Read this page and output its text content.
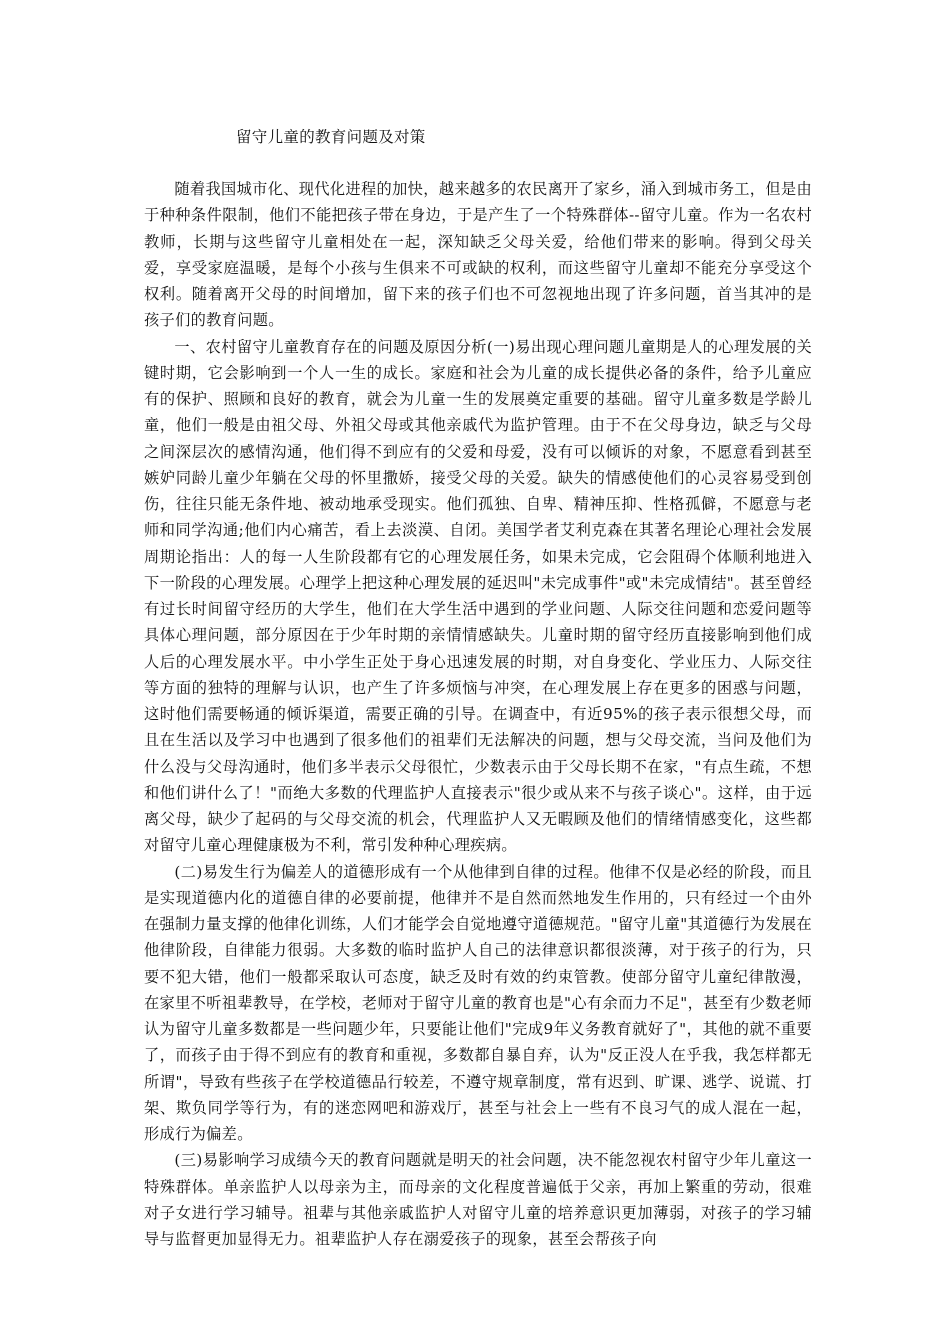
留守儿童的教育问题及对策

随着我国城市化、现代化进程的加快，越来越多的农民离开了家乡，涌入到城市务工，但是由于种种条件限制，他们不能把孩子带在身边，于是产生了一个特殊群体--留守儿童。作为一名农村教师，长期与这些留守儿童相处在一起，深知缺乏父母关爱，给他们带来的影响。得到父母关爱，享受家庭温暖，是每个小孩与生俱来不可或缺的权利，而这些留守儿童却不能充分享受这个权利。随着离开父母的时间增加，留下来的孩子们也不可忽视地出现了许多问题，首当其冲的是孩子们的教育问题。

一、农村留守儿童教育存在的问题及原因分析(一)易出现心理问题儿童期是人的心理发展的关键时期，它会影响到一个人一生的成长。家庭和社会为儿童的成长提供必备的条件，给予儿童应有的保护、照顾和良好的教育，就会为儿童一生的发展奠定重要的基础。留守儿童多数是学龄儿童，他们一般是由祖父母、外祖父母或其他亲戚代为监护管理。由于不在父母身边，缺乏与父母之间深层次的感情沟通，他们得不到应有的父爱和母爱，没有可以倾诉的对象，不愿意看到甚至嫉妒同龄儿童少年躺在父母的怀里撒娇，接受父母的关爱。缺失的情感使他们的心灵容易受到创伤，往往只能无条件地、被动地承受现实。他们孤独、自卑、精神压抑、性格孤僻，不愿意与老师和同学沟通;他们内心痛苦，看上去淡漠、自闭。美国学者艾利克森在其著名理论心理社会发展周期论指出：人的每一人生阶段都有它的心理发展任务，如果未完成，它会阻碍个体顺利地进入下一阶段的心理发展。心理学上把这种心理发展的延迟叫"未完成事件"或"未完成情结"。甚至曾经有过长时间留守经历的大学生，他们在大学生活中遇到的学业问题、人际交往问题和恋爱问题等具体心理问题，部分原因在于少年时期的亲情情感缺失。儿童时期的留守经历直接影响到他们成人后的心理发展水平。中小学生正处于身心迅速发展的时期，对自身变化、学业压力、人际交往等方面的独特的理解与认识，也产生了许多烦恼与冲突，在心理发展上存在更多的困惑与问题，这时他们需要畅通的倾诉渠道，需要正确的引导。在调查中，有近95%的孩子表示很想父母，而且在生活以及学习中也遇到了很多他们的祖辈们无法解决的问题，想与父母交流，当问及他们为什么没与父母沟通时，他们多半表示父母很忙，少数表示由于父母长期不在家，"有点生疏，不想和他们讲什么了！"而绝大多数的代理监护人直接表示"很少或从来不与孩子谈心"。这样，由于远离父母，缺少了起码的与父母交流的机会，代理监护人又无暇顾及他们的情绪情感变化，这些都对留守儿童心理健康极为不利，常引发种种心理疾病。

(二)易发生行为偏差人的道德形成有一个从他律到自律的过程。他律不仅是必经的阶段，而且是实现道德内化的道德自律的必要前提，他律并不是自然而然地发生作用的，只有经过一个由外在强制力量支撑的他律化训练，人们才能学会自觉地遵守道德规范。"留守儿童"其道德行为发展在他律阶段，自律能力很弱。大多数的临时监护人自己的法律意识都很淡薄，对于孩子的行为，只要不犯大错，他们一般都采取认可态度，缺乏及时有效的约束管教。使部分留守儿童纪律散漫，在家里不听祖辈教导，在学校，老师对于留守儿童的教育也是"心有余而力不足"，甚至有少数老师认为留守儿童多数都是一些问题少年，只要能让他们"完成9年义务教育就好了"，其他的就不重要了，而孩子由于得不到应有的教育和重视，多数都自暴自弃，认为"反正没人在乎我，我怎样都无所谓"，导致有些孩子在学校道德品行较差，不遵守规章制度，常有迟到、旷课、逃学、说谎、打架、欺负同学等行为，有的迷恋网吧和游戏厅，甚至与社会上一些有不良习气的成人混在一起，形成行为偏差。

(三)易影响学习成绩今天的教育问题就是明天的社会问题，决不能忽视农村留守少年儿童这一特殊群体。单亲监护人以母亲为主，而母亲的文化程度普遍低于父亲，再加上繁重的劳动，很难对子女进行学习辅导。祖辈与其他亲戚监护人对留守儿童的培养意识更加薄弱，对孩子的学习辅导与监督更加显得无力。祖辈监护人存在溺爱孩子的现象，甚至会帮孩子向
